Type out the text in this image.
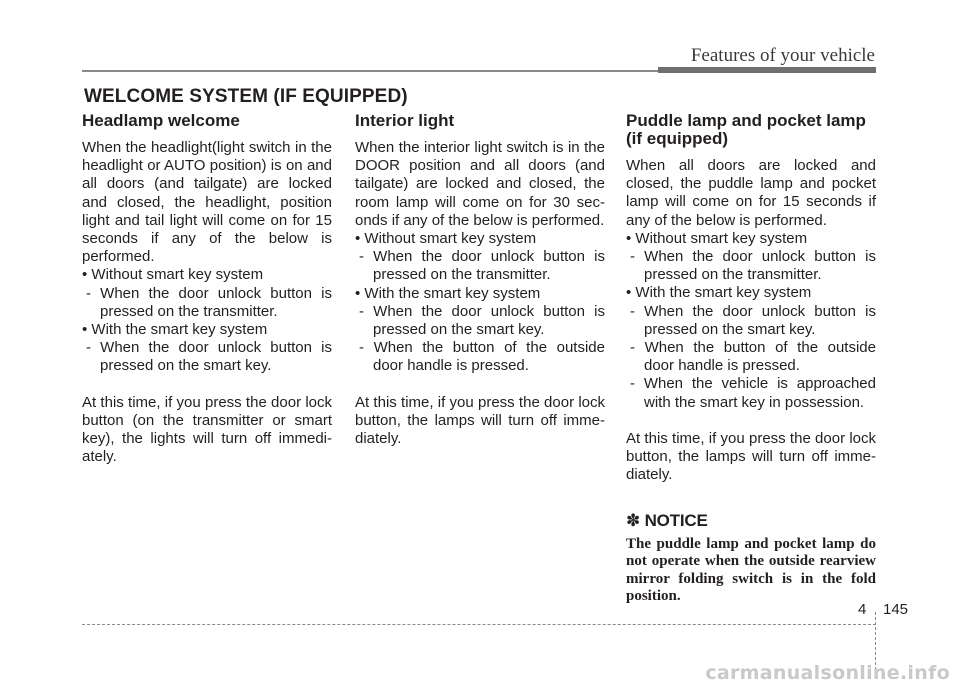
Features of your vehicle
WELCOME SYSTEM (IF EQUIPPED)
Headlamp welcome

When the headlight(light switch in the headlight or AUTO position) is on and all doors (and tailgate) are locked and closed, the headlight, position light and tail light will come on for 15 seconds if any of the below is performed.

• Without smart key system

- When the door unlock button is pressed on the transmitter.

• With the smart key system

- When the door unlock button is pressed on the smart key.

At this time, if you press the door lock button (on the transmitter or smart key), the lights will turn off immedi-ately.

Interior light

When the interior light switch is in the DOOR position and all doors (and tailgate) are locked and closed, the room lamp will come on for 30 sec-onds if any of the below is performed.

• Without smart key system

- When the door unlock button is pressed on the transmitter.

• With the smart key system

- When the door unlock button is pressed on the smart key.

- When the button of the outside door handle is pressed.

At this time, if you press the door lock button, the lamps will turn off imme-diately.

Puddle lamp and pocket lamp (if equipped)

When all doors are locked and closed, the puddle lamp and pocket lamp will come on for 15 seconds if any of the below is performed.

• Without smart key system

- When the door unlock button is pressed on the transmitter.

• With the smart key system

- When the door unlock button is pressed on the smart key.

- When the button of the outside door handle is pressed.

- When the vehicle is approached with the smart key in possession.

At this time, if you press the door lock button, the lamps will turn off imme-diately.

✽ NOTICE
The puddle lamp and pocket lamp do not operate when the outside rearview mirror folding switch is in the fold position.
4 145
carmanualsonline.info
